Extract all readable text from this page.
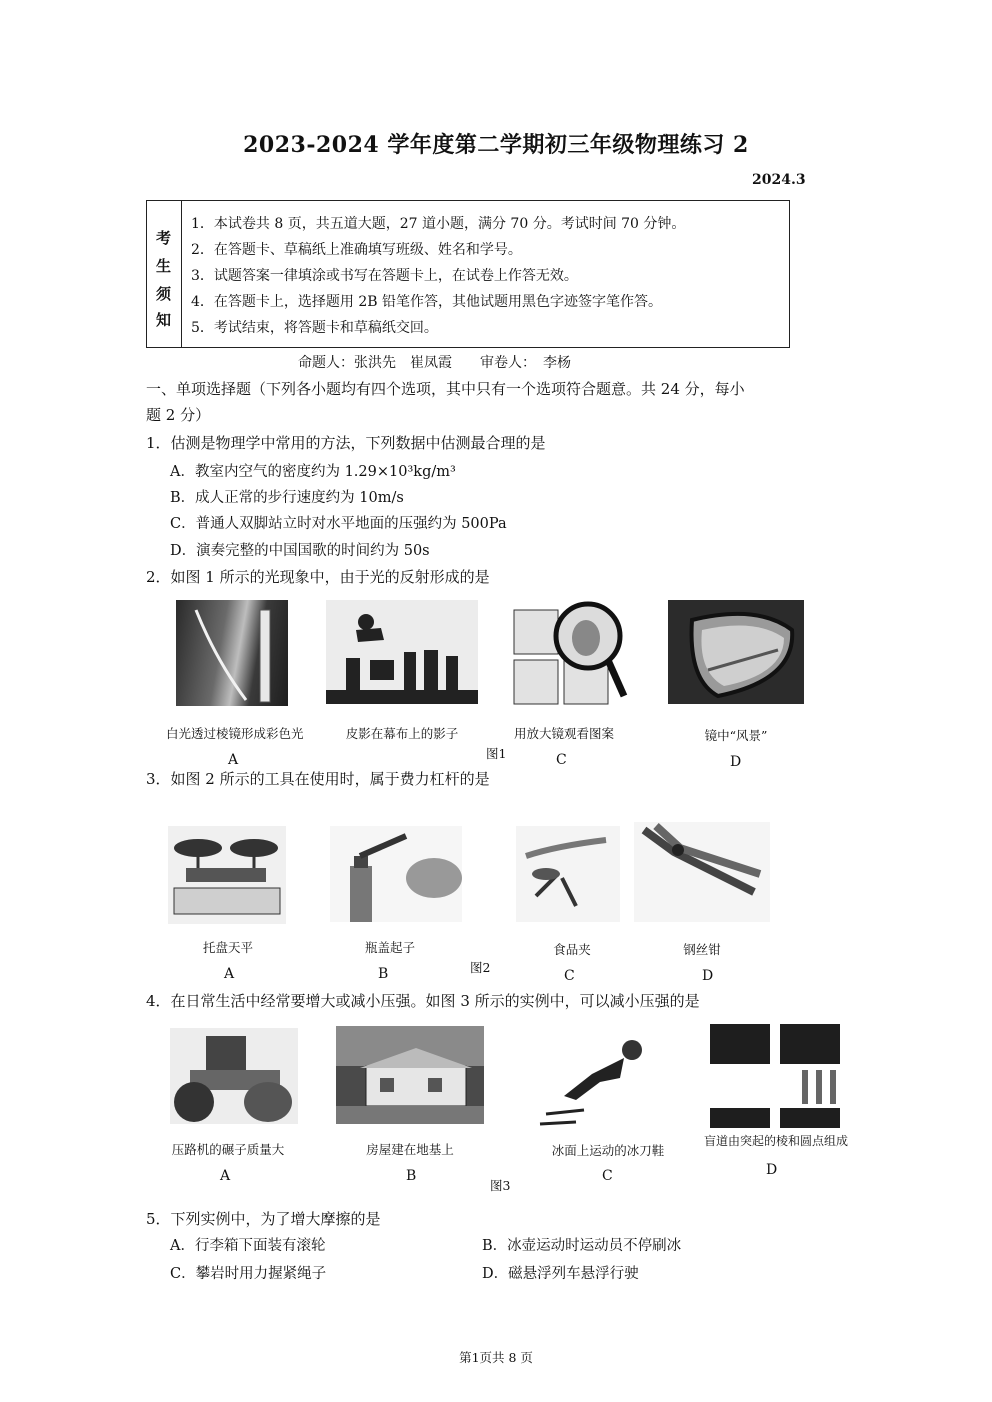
2023-2024 学年度第二学期初三年级物理练习 2
2024.3
考
生
须
知
1．本试卷共 8 页，共五道大题，27 道小题，满分 70 分。考试时间 70 分钟。
2．在答题卡、草稿纸上准确填写班级、姓名和学号。
3．试题答案一律填涂或书写在答题卡上，在试卷上作答无效。
4．在答题卡上，选择题用 2B 铅笔作答，其他试题用黑色字迹签字笔作答。
5．考试结束，将答题卡和草稿纸交回。
命题人：张洪先　崔凤霞　　审卷人：　李杨
一、单项选择题（下列各小题均有四个选项，其中只有一个选项符合题意。共 24 分，每小
题 2 分）
1．估测是物理学中常用的方法，下列数据中估测最合理的是
A．教室内空气的密度约为 1.29×10³kg/m³
B．成人正常的步行速度约为 10m/s
C．普通人双脚站立时对水平地面的压强约为 500Pa
D．演奏完整的中国国歌的时间约为 50s
2．如图 1 所示的光现象中，由于光的反射形成的是
白光透过棱镜形成彩色光	皮影在幕布上的影子	用放大镜观看图案	镜中“风景”
图1
A	C	D
3．如图 2 所示的工具在使用时，属于费力杠杆的是
托盘天平	瓶盖起子	食品夹	钢丝钳
图2
A	B	C	D
4．在日常生活中经常要增大或减小压强。如图 3 所示的实例中，可以减小压强的是
压路机的碾子质量大	房屋建在地基上	冰面上运动的冰刀鞋
盲道由突起的棱和圆点组成
A	B
图3
C	D
5．下列实例中，为了增大摩擦的是
A．行李箱下面装有滚轮	B．冰壶运动时运动员不停刷冰
C．攀岩时用力握紧绳子	D．磁悬浮列车悬浮行驶
第1页共 8 页
